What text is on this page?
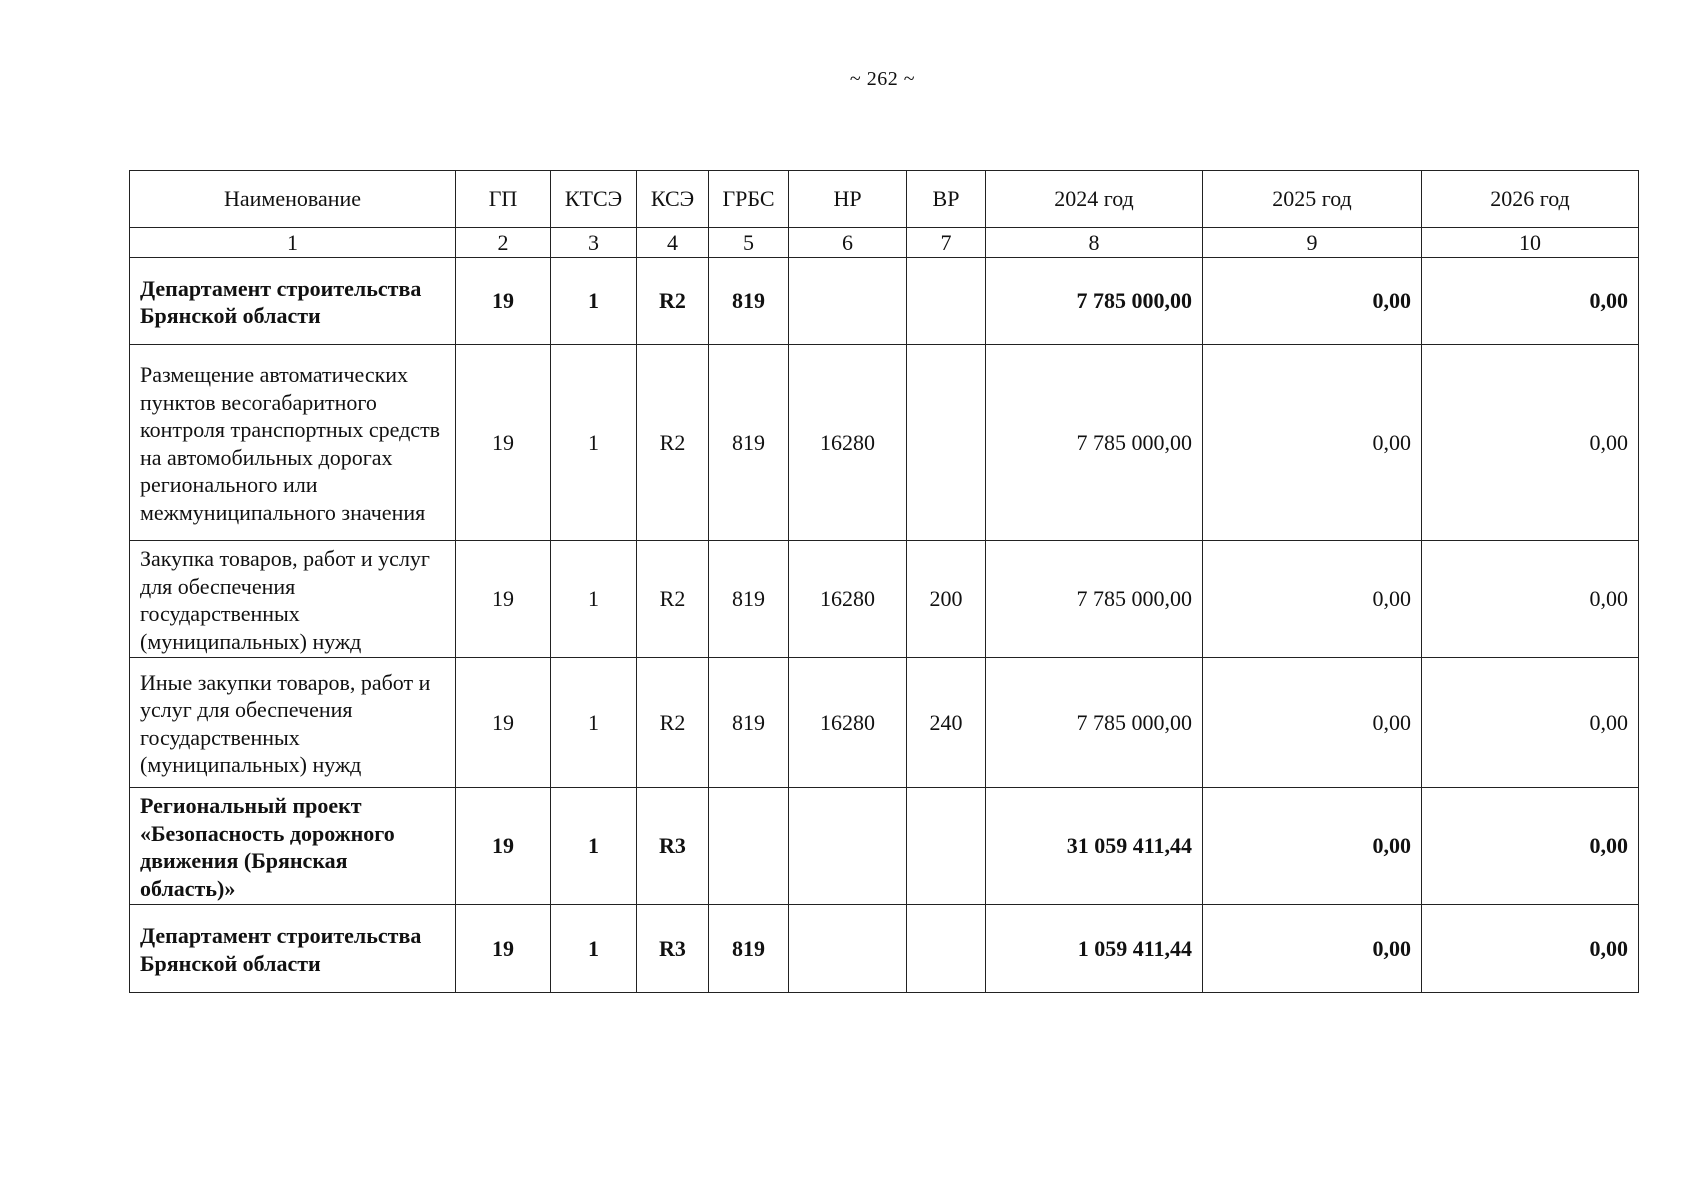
~ 262 ~
Наименование	ГП	КТСЭ	КСЭ	ГРБС	НР	ВР	2024 год	2025 год	2026 год
1	2	3	4	5	6	7	8	9	10
Департамент строительства Брянской области	19	1	R2	819			7 785 000,00	0,00	0,00
Размещение автоматических пунктов весогабаритного контроля транспортных средств на автомобильных дорогах регионального или межмуниципального значения	19	1	R2	819	16280		7 785 000,00	0,00	0,00
Закупка товаров, работ и услуг для обеспечения государственных (муниципальных) нужд	19	1	R2	819	16280	200	7 785 000,00	0,00	0,00
Иные закупки товаров, работ и услуг для обеспечения государственных (муниципальных) нужд	19	1	R2	819	16280	240	7 785 000,00	0,00	0,00
Региональный проект «Безопасность дорожного движения (Брянская область)»	19	1	R3				31 059 411,44	0,00	0,00
Департамент строительства Брянской области	19	1	R3	819			1 059 411,44	0,00	0,00
